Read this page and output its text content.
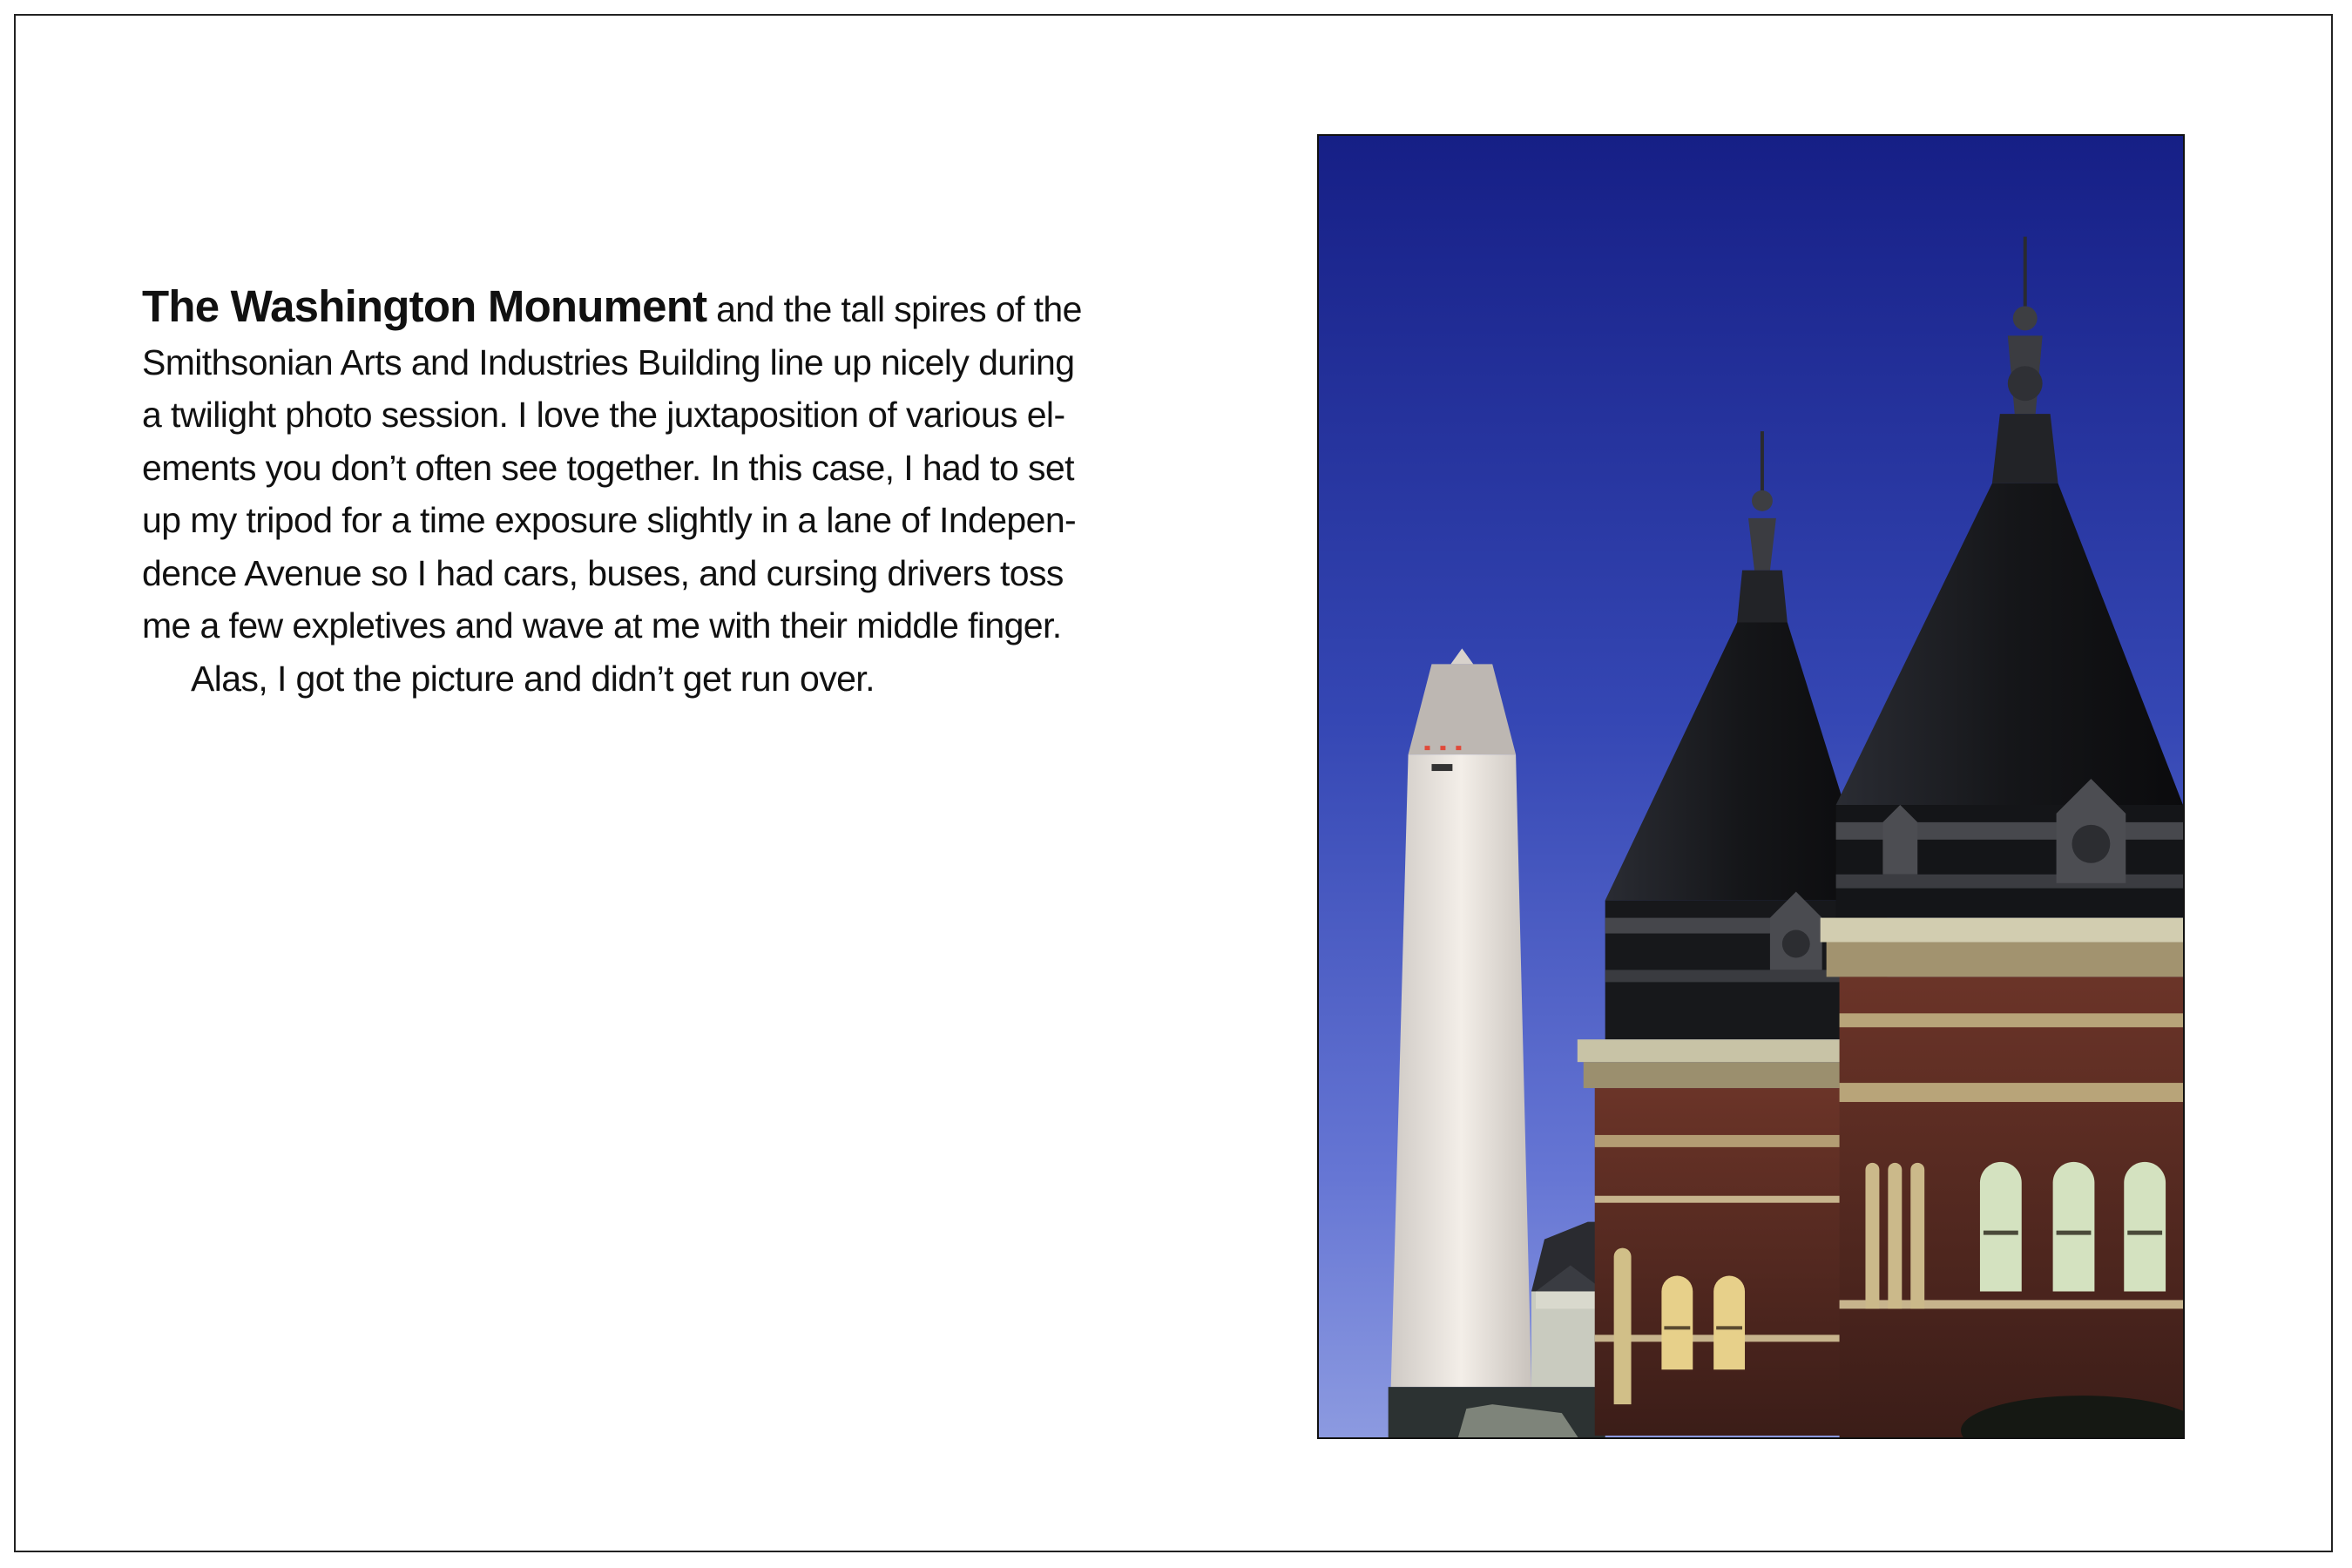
The Washington Monument and the tall spires of the
Smithsonian Arts and Industries Building line up nicely during
a twilight photo session. I love the juxtaposition of various el-
ements you don’t often see together. In this case, I had to set
up my tripod for a time exposure slightly in a lane of Indepen-
dence Avenue so I had cars, buses, and cursing drivers toss
me a few expletives and wave at me with their middle finger.
Alas, I got the picture and didn’t get run over.
